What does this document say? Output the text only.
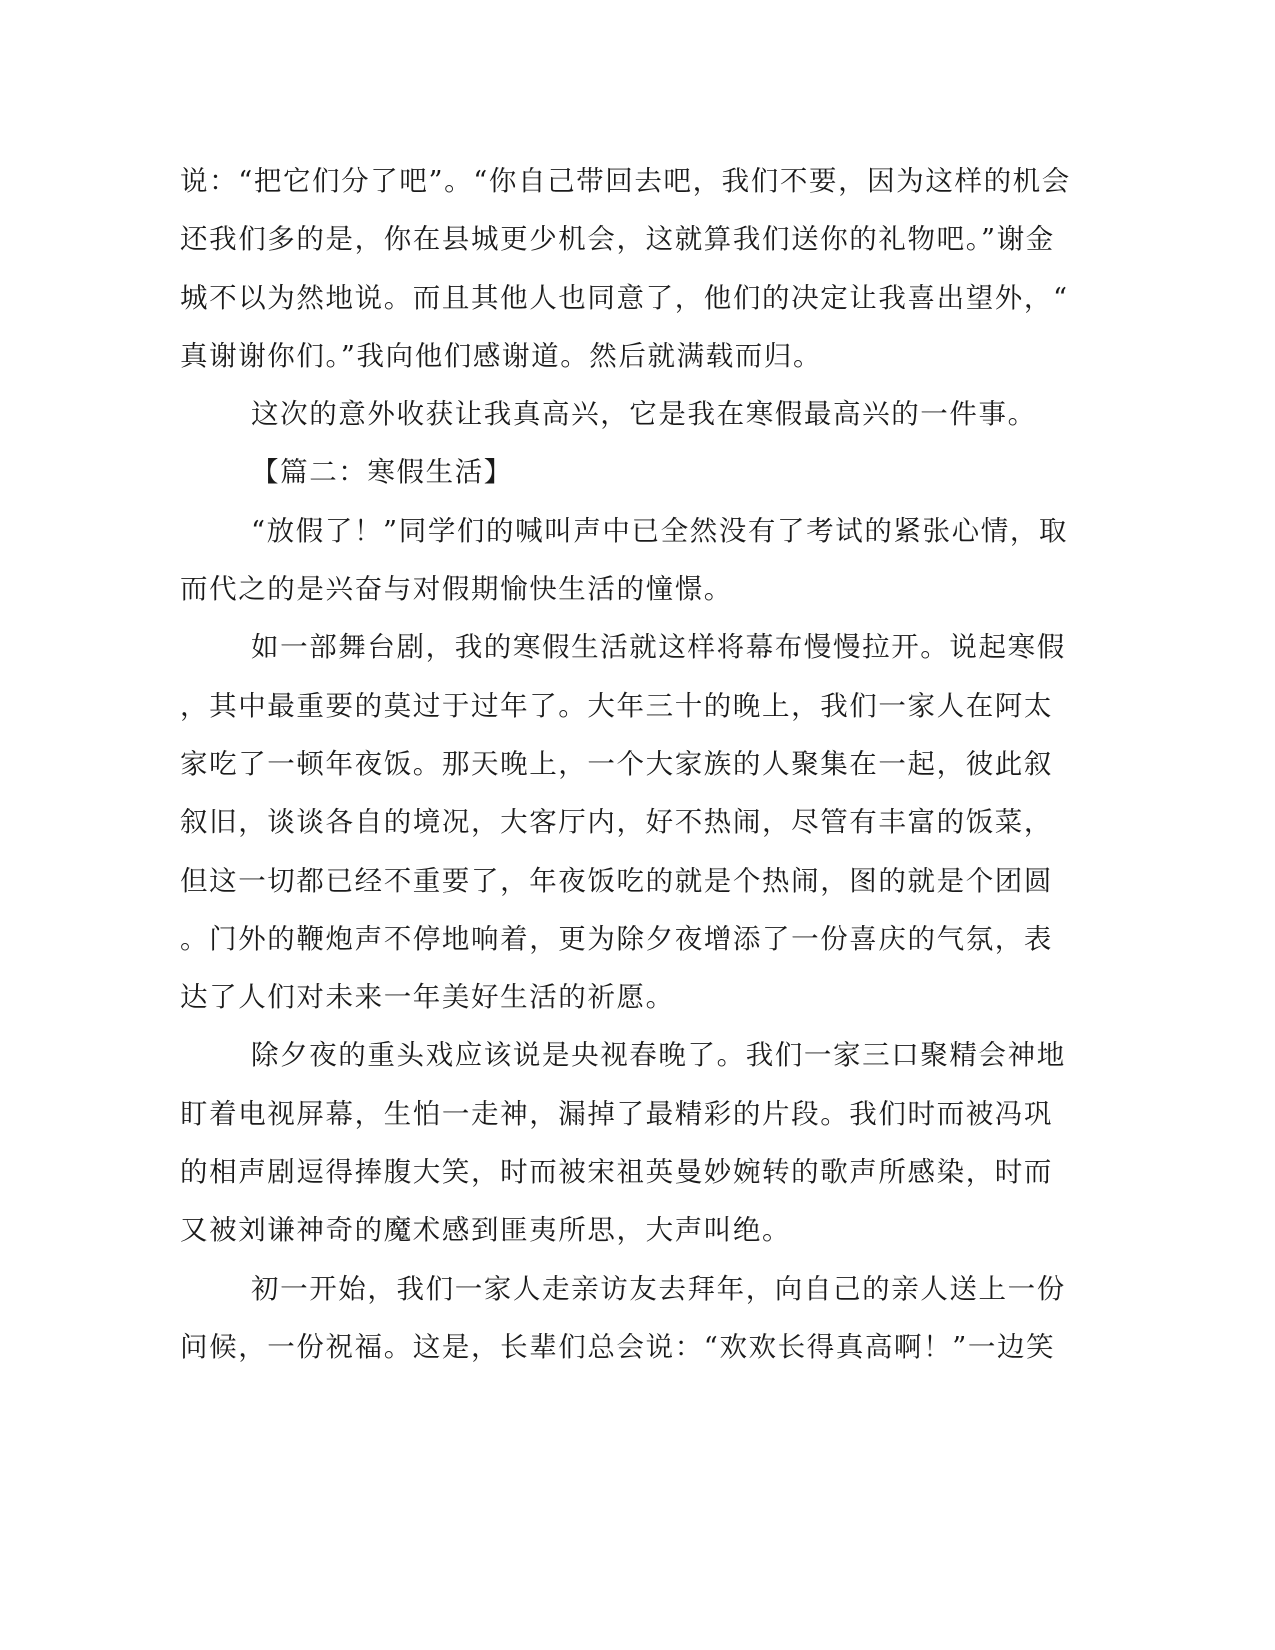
说：“把它们分了吧”。“你自己带回去吧，我们不要，因为这样的机会
还我们多的是，你在县城更少机会，这就算我们送你的礼物吧。”谢金
城不以为然地说。而且其他人也同意了，他们的决定让我喜出望外，“
真谢谢你们。”我向他们感谢道。然后就满载而归。
这次的意外收获让我真高兴，它是我在寒假最高兴的一件事。
【篇二：寒假生活】
“放假了！”同学们的喊叫声中已全然没有了考试的紧张心情，取
而代之的是兴奋与对假期愉快生活的憧憬。
如一部舞台剧，我的寒假生活就这样将幕布慢慢拉开。说起寒假
，其中最重要的莫过于过年了。大年三十的晚上，我们一家人在阿太
家吃了一顿年夜饭。那天晚上，一个大家族的人聚集在一起，彼此叙
叙旧，谈谈各自的境况，大客厅内，好不热闹，尽管有丰富的饭菜，
但这一切都已经不重要了，年夜饭吃的就是个热闹，图的就是个团圆
。门外的鞭炮声不停地响着，更为除夕夜增添了一份喜庆的气氛，表
达了人们对未来一年美好生活的祈愿。
除夕夜的重头戏应该说是央视春晚了。我们一家三口聚精会神地
盯着电视屏幕，生怕一走神，漏掉了最精彩的片段。我们时而被冯巩
的相声剧逗得捧腹大笑，时而被宋祖英曼妙婉转的歌声所感染，时而
又被刘谦神奇的魔术感到匪夷所思，大声叫绝。
初一开始，我们一家人走亲访友去拜年，向自己的亲人送上一份
问候，一份祝福。这是，长辈们总会说：“欢欢长得真高啊！”一边笑
